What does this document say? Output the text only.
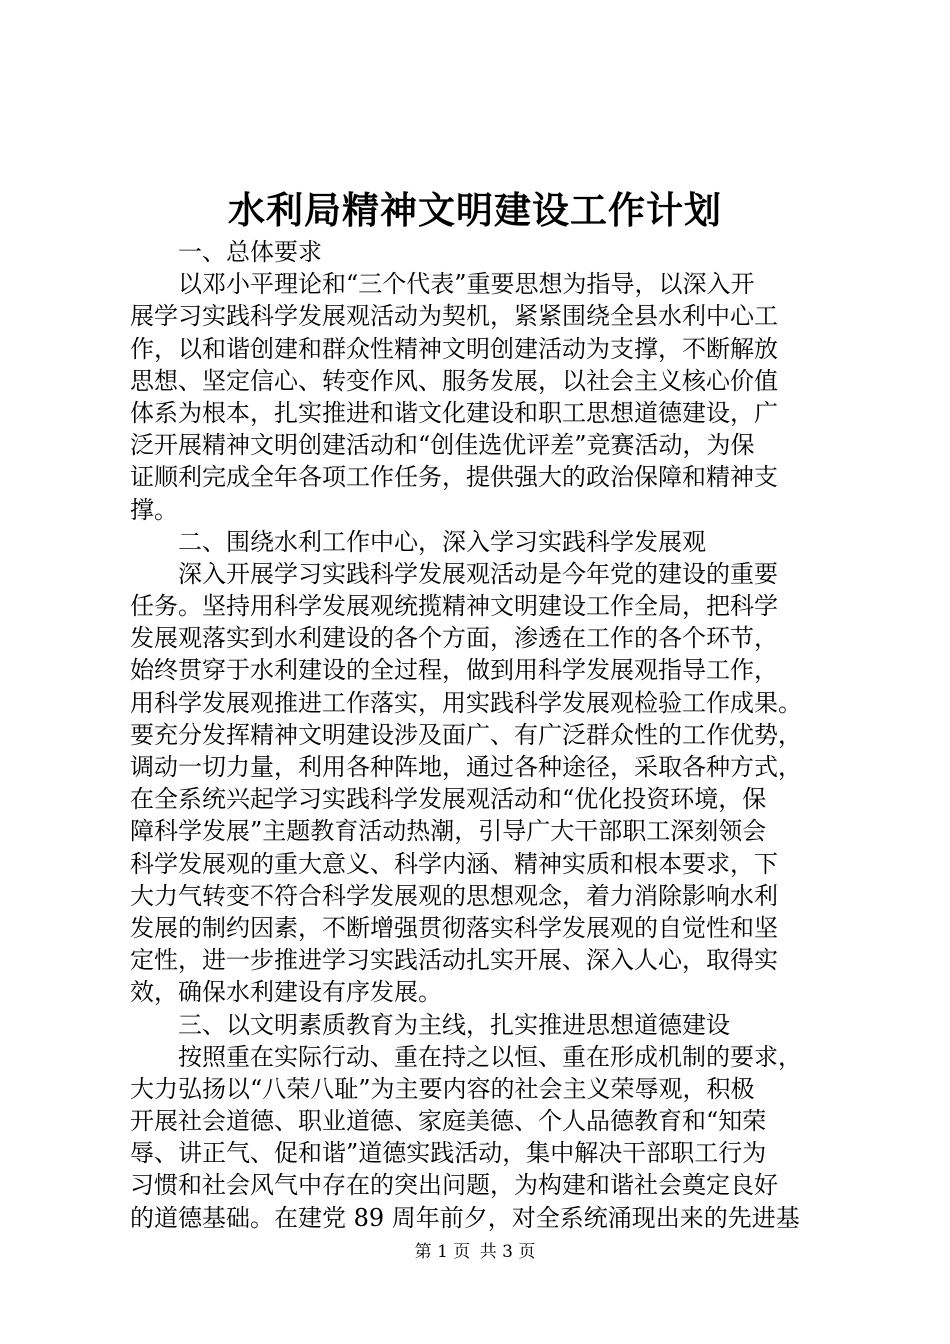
水利局精神文明建设工作计划
一、总体要求
以邓小平理论和“三个代表”重要思想为指导，以深入开
展学习实践科学发展观活动为契机，紧紧围绕全县水利中心工
作，以和谐创建和群众性精神文明创建活动为支撑，不断解放
思想、坚定信心、转变作风、服务发展，以社会主义核心价值
体系为根本，扎实推进和谐文化建设和职工思想道德建设，广
泛开展精神文明创建活动和“创佳选优评差”竞赛活动，为保
证顺利完成全年各项工作任务，提供强大的政治保障和精神支
撑。
二、围绕水利工作中心，深入学习实践科学发展观
深入开展学习实践科学发展观活动是今年党的建设的重要
任务。坚持用科学发展观统揽精神文明建设工作全局，把科学
发展观落实到水利建设的各个方面，渗透在工作的各个环节，
始终贯穿于水利建设的全过程，做到用科学发展观指导工作，
用科学发展观推进工作落实，用实践科学发展观检验工作成果。
要充分发挥精神文明建设涉及面广、有广泛群众性的工作优势，
调动一切力量，利用各种阵地，通过各种途径，采取各种方式，
在全系统兴起学习实践科学发展观活动和“优化投资环境，保
障科学发展”主题教育活动热潮，引导广大干部职工深刻领会
科学发展观的重大意义、科学内涵、精神实质和根本要求，下
大力气转变不符合科学发展观的思想观念，着力消除影响水利
发展的制约因素，不断增强贯彻落实科学发展观的自觉性和坚
定性，进一步推进学习实践活动扎实开展、深入人心，取得实
效，确保水利建设有序发展。
三、以文明素质教育为主线，扎实推进思想道德建设
按照重在实际行动、重在持之以恒、重在形成机制的要求，
大力弘扬以“八荣八耻”为主要内容的社会主义荣辱观，积极
开展社会道德、职业道德、家庭美德、个人品德教育和“知荣
辱、讲正气、促和谐”道德实践活动，集中解决干部职工行为
习惯和社会风气中存在的突出问题，为构建和谐社会奠定良好
的道德基础。在建党 89 周年前夕，对全系统涌现出来的先进基
第 1 页 共 3 页
